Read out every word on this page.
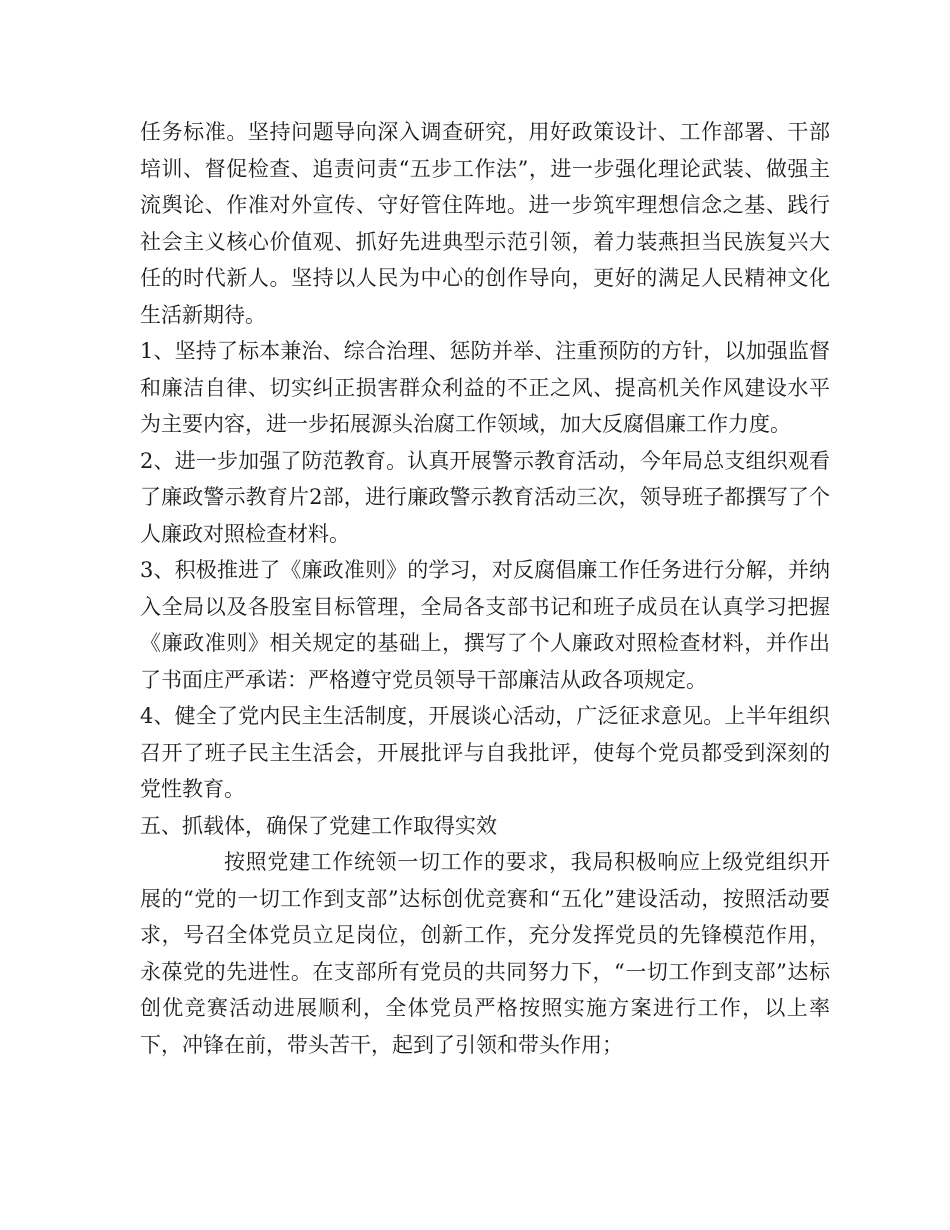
任务标准。坚持问题导向深入调查研究，用好政策设计、工作部署、干部培训、督促检查、追责问责“五步工作法”，进一步强化理论武装、做强主流舆论、作准对外宣传、守好管住阵地。进一步筑牢理想信念之基、践行社会主义核心价值观、抓好先进典型示范引领，着力装燕担当民族复兴大任的时代新人。坚持以人民为中心的创作导向，更好的满足人民精神文化生活新期待。

1、坚持了标本兼治、综合治理、惩防并举、注重预防的方针，以加强监督和廉洁自律、切实纠正损害群众利益的不正之风、提高机关作风建设水平为主要内容，进一步拓展源头治腐工作领域，加大反腐倡廉工作力度。

2、进一步加强了防范教育。认真开展警示教育活动，今年局总支组织观看了廉政警示教育片2部，进行廉政警示教育活动三次，领导班子都撰写了个人廉政对照检查材料。

3、积极推进了《廉政准则》的学习，对反腐倡廉工作任务进行分解，并纳入全局以及各股室目标管理，全局各支部书记和班子成员在认真学习把握《廉政准则》相关规定的基础上，撰写了个人廉政对照检查材料，并作出了书面庄严承诺：严格遵守党员领导干部廉洁从政各项规定。

4、健全了党内民主生活制度，开展谈心活动，广泛征求意见。上半年组织召开了班子民主生活会，开展批评与自我批评，使每个党员都受到深刻的党性教育。

五、抓载体，确保了党建工作取得实效

按照党建工作统领一切工作的要求，我局积极响应上级党组织开展的“党的一切工作到支部”达标创优竞赛和“五化”建设活动，按照活动要求，号召全体党员立足岗位，创新工作，充分发挥党员的先锋模范作用，永葆党的先进性。在支部所有党员的共同努力下，“一切工作到支部”达标创优竞赛活动进展顺利，全体党员严格按照实施方案进行工作，以上率下，冲锋在前，带头苦干，起到了引领和带头作用；
